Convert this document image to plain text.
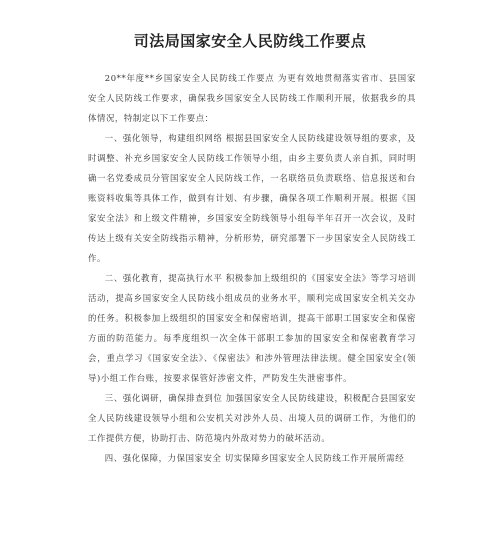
司法局国家安全人民防线工作要点

20**年度**乡国家安全人民防线工作要点 为更有效地贯彻落实省市、县国家安全人民防线工作要求，确保我乡国家安全人民防线工作顺利开展，依据我乡的具体情况，特制定以下工作要点：

一、强化领导，构建组织网络 根据县国家安全人民防线建设领导组的要求，及时调整、补充乡国家安全人民防线工作领导小组，由乡主要负责人亲自抓，同时明确一名党委成员分管国家安全人民防线工作，一名联络员负责联络、信息报送和台账资料收集等具体工作，做到有计划、有步骤，确保各项工作顺利开展。根据《国家安全法》和上级文件精神，乡国家安全防线领导小组每半年召开一次会议，及时传达上级有关安全防线指示精神，分析形势，研究部署下一步国家安全人民防线工作。

二、强化教育，提高执行水平 积极参加上级组织的《国家安全法》等学习培训活动，提高乡国家安全人民防线小组成员的业务水平，顺利完成国家安全机关交办的任务。积极参加上级组织的国家安全和保密培训，提高干部职工国家安全和保密方面的防范能力。每季度组织一次全体干部职工参加的国家安全和保密教育学习会，重点学习《国家安全法》、《保密法》和涉外管理法律法规。健全国家安全(领导)小组工作台账，按要求保管好涉密文件，严防发生失泄密事件。

三、强化调研，确保排查到位 加强国家安全人民防线建设，积极配合县国家安全人民防线建设领导小组和公安机关对涉外人员、出境人员的调研工作，为他们的工作提供方便，协助打击、防范境内外敌对势力的破坏活动。

四、强化保障，力保国家安全 切实保障乡国家安全人民防线工作开展所需经
